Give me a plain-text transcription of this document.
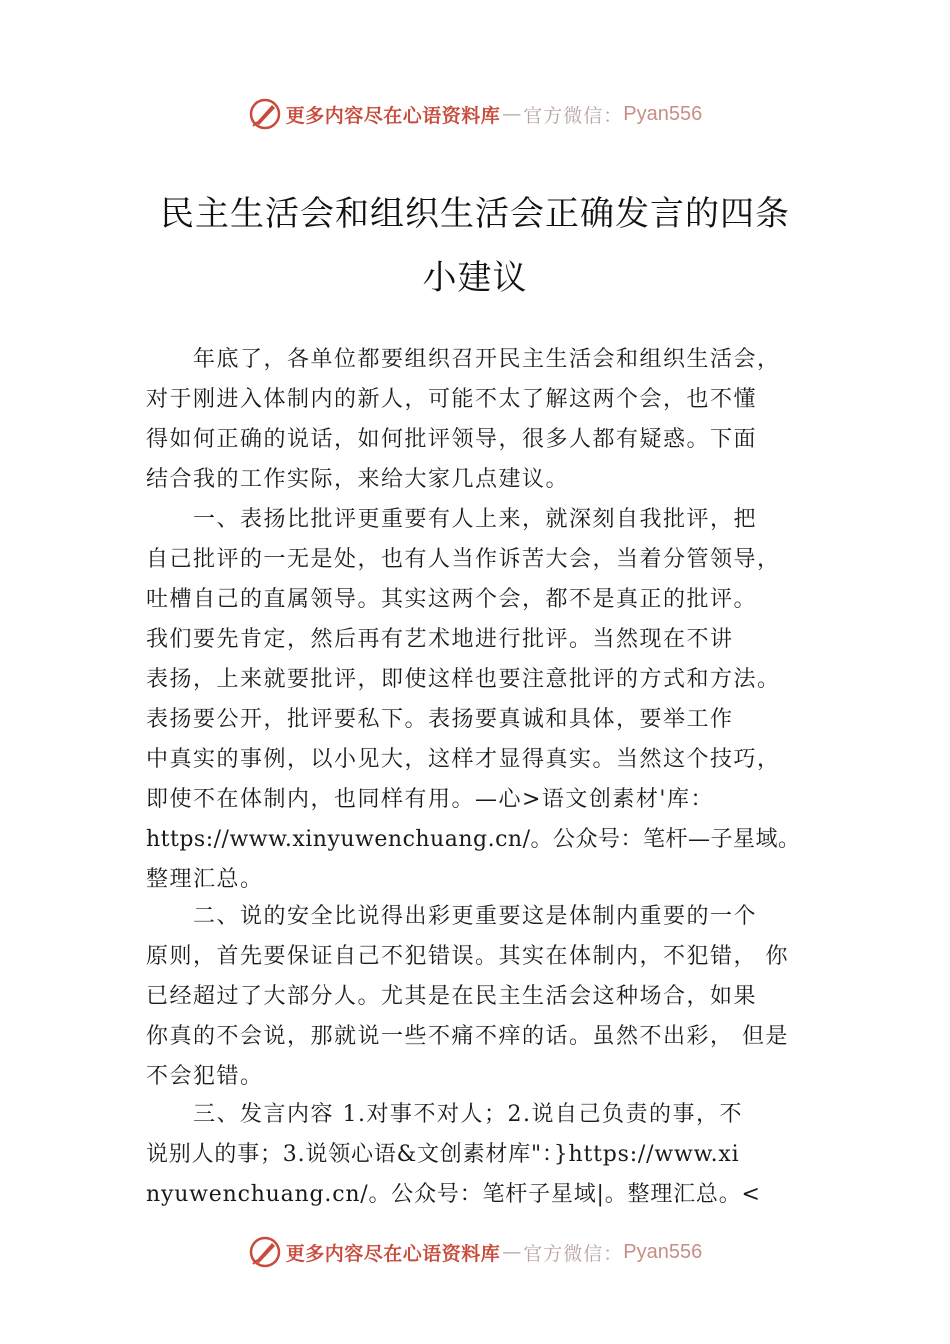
更多内容尽在心语资料库 — 官方微信： Pyan556
民主生活会和组织生活会正确发言的四条
小建议
　　年底了，各单位都要组织召开民主生活会和组织生活会，
对于刚进入体制内的新人，可能不太了解这两个会，也不懂
得如何正确的说话，如何批评领导，很多人都有疑惑。下面
结合我的工作实际，来给大家几点建议。
　　一、表扬比批评更重要有人上来，就深刻自我批评，把
自己批评的一无是处，也有人当作诉苦大会，当着分管领导，
吐槽自己的直属领导。其实这两个会，都不是真正的批评。
我们要先肯定，然后再有艺术地进行批评。当然现在不讲
表扬，上来就要批评，即使这样也要注意批评的方式和方法。
表扬要公开，批评要私下。表扬要真诚和具体，要举工作
中真实的事例，以小见大，这样才显得真实。当然这个技巧，
即使不在体制内，也同样有用。—心>语文创素材'库：
https://www.xinyuwenchuang.cn/。公众号：笔杆—子星域。
整理汇总。
　　二、说的安全比说得出彩更重要这是体制内重要的一个
原则，首先要保证自己不犯错误。其实在体制内，不犯错， 你
已经超过了大部分人。尤其是在民主生活会这种场合，如果
你真的不会说，那就说一些不痛不痒的话。虽然不出彩， 但是
不会犯错。
　　三、发言内容 1.对事不对人；2.说自己负责的事，不
说别人的事；3.说领心语&文创素材库"：}https://www.xi
nyuwenchuang.cn/。公众号：笔杆子星域|。整理汇总。<
更多内容尽在心语资料库 — 官方微信： Pyan556
